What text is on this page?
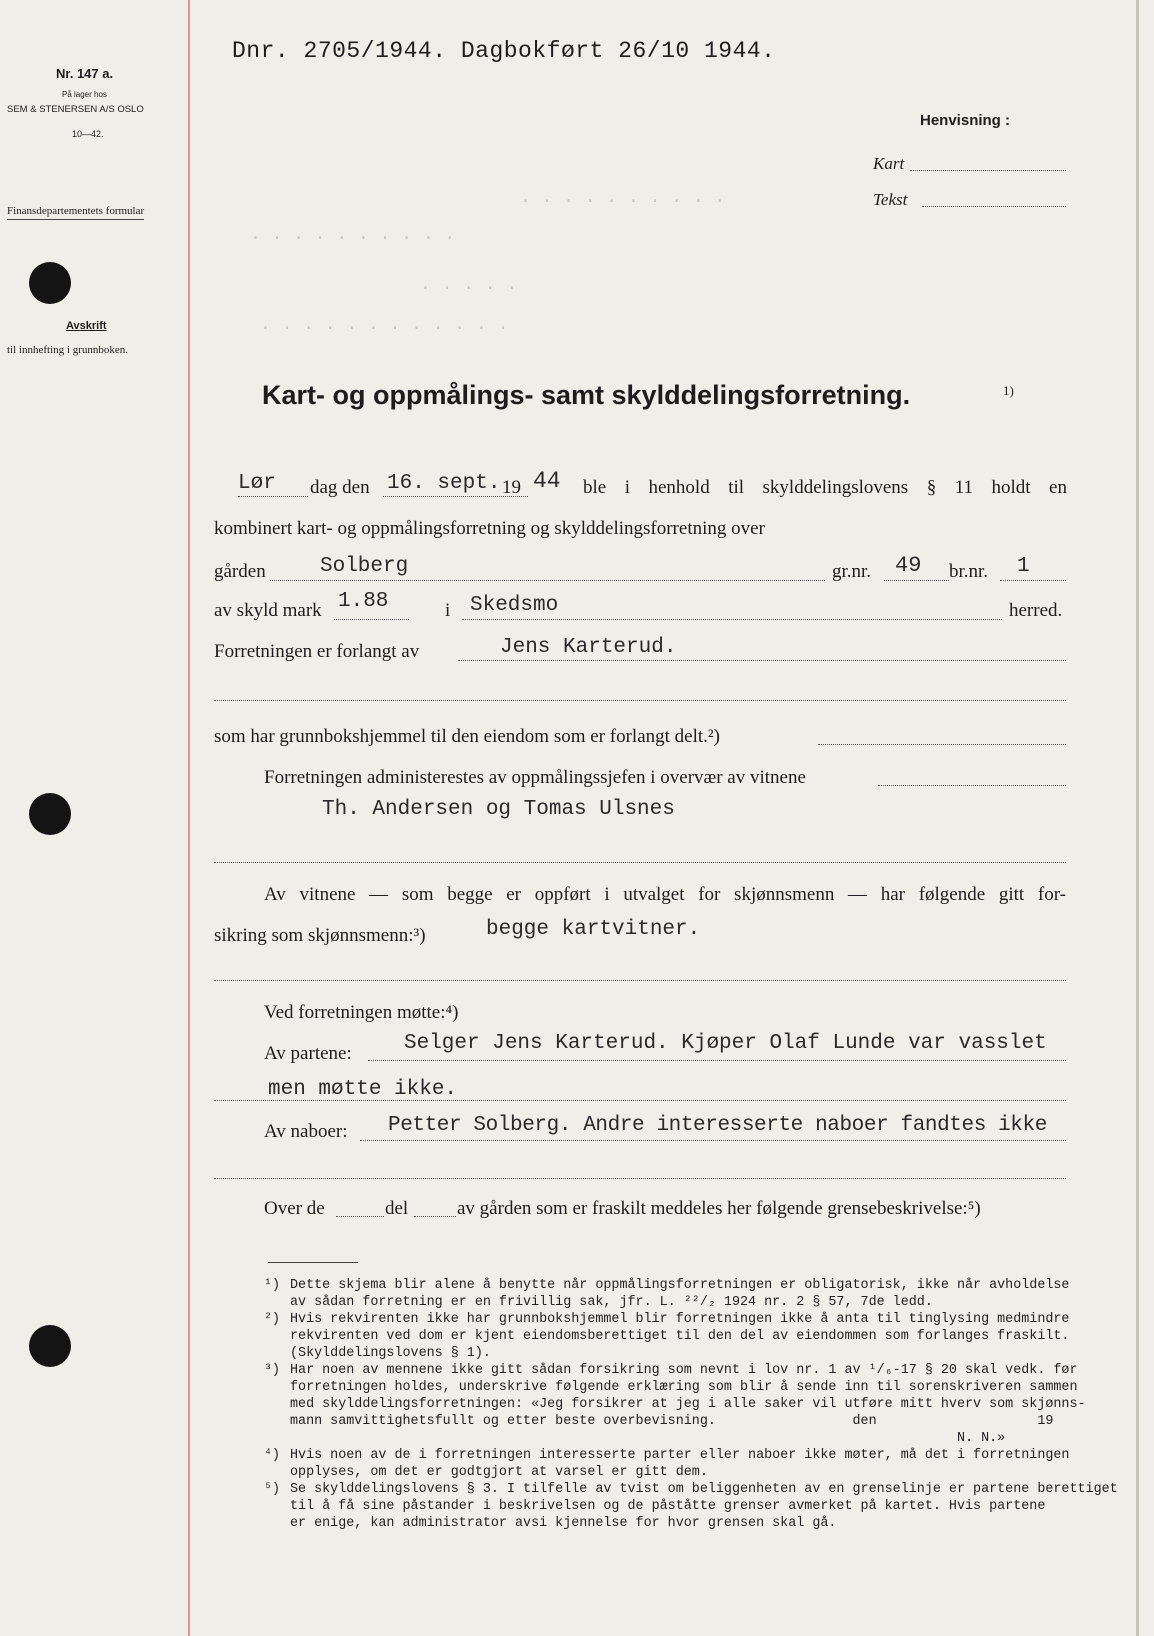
Nr. 147 a.
På lager hos
SEM & STENERSEN A/S OSLO
10—42.
Finansdepartementets formular
Avskrift
til innhefting i grunnboken.
Dnr. 2705/1944. Dagbokført 26/10 1944.
Henvisning :
Kart
Tekst
. . . . . . . . . .
. . . . . . . . . .
. . . . .
. . . . . . . . . . . .
Kart- og oppmålings- samt skylddelingsforretning.	1)
Lør dag den 16. sept. 19 44 ble i henhold til skylddelingslovens § 11 holdt en
kombinert kart- og oppmålingsforretning og skylddelingsforretning over
gården	Solberg	gr.nr. 49 br.nr. 1
av skyld mark 1.88	i Skedsmo	herred.
Forretningen er forlangt av	Jens Karterud.
som har grunnbokshjemmel til den eiendom som er forlangt delt.²)
Forretningen administerestes av oppmålingssjefen i overvær av vitnene
Th. Andersen og Tomas Ulsnes
Av vitnene — som begge er oppført i utvalget for skjønnsmenn — har følgende gitt for-
sikring som skjønnsmenn:³)	begge kartvitner.
Ved forretningen møtte:⁴)
Av partene: Selger Jens Karterud. Kjøper Olaf Lunde var vasslet
men møtte ikke.
Av naboer: Petter Solberg. Andre interesserte naboer fandtes ikke
Over de	del	av gården som er fraskilt meddeles her følgende grensebeskrivelse:⁵)
¹) Dette skjema blir alene å benytte når oppmålingsforretningen er obligatorisk, ikke når avholdelse
av sådan forretning er en frivillig sak, jfr. L. ²²/₂ 1924 nr. 2 § 57, 7de ledd.
²) Hvis rekvirenten ikke har grunnbokshjemmel blir forretningen ikke å anta til tinglysing medmindre
rekvirenten ved dom er kjent eiendomsberettiget til den del av eiendommen som forlanges fraskilt.
(Skylddelingslovens § 1).
³) Har noen av mennene ikke gitt sådan forsikring som nevnt i lov nr. 1 av ¹/₆-17 § 20 skal vedk. før
forretningen holdes, underskrive følgende erklæring som blir å sende inn til sorenskriveren sammen
med skylddelingsforretningen: «Jeg forsikrer at jeg i alle saker vil utføre mitt hverv som skjønns-
mann samvittighetsfullt og etter beste overbevisning.                 den                    19
N. N.»
⁴) Hvis noen av de i forretningen interesserte parter eller naboer ikke møter, må det i forretningen
opplyses, om det er godtgjort at varsel er gitt dem.
⁵) Se skylddelingslovens § 3. I tilfelle av tvist om beliggenheten av en grenselinje er partene berettiget
til å få sine påstander i beskrivelsen og de påståtte grenser avmerket på kartet. Hvis partene
er enige, kan administrator avsi kjennelse for hvor grensen skal gå.
